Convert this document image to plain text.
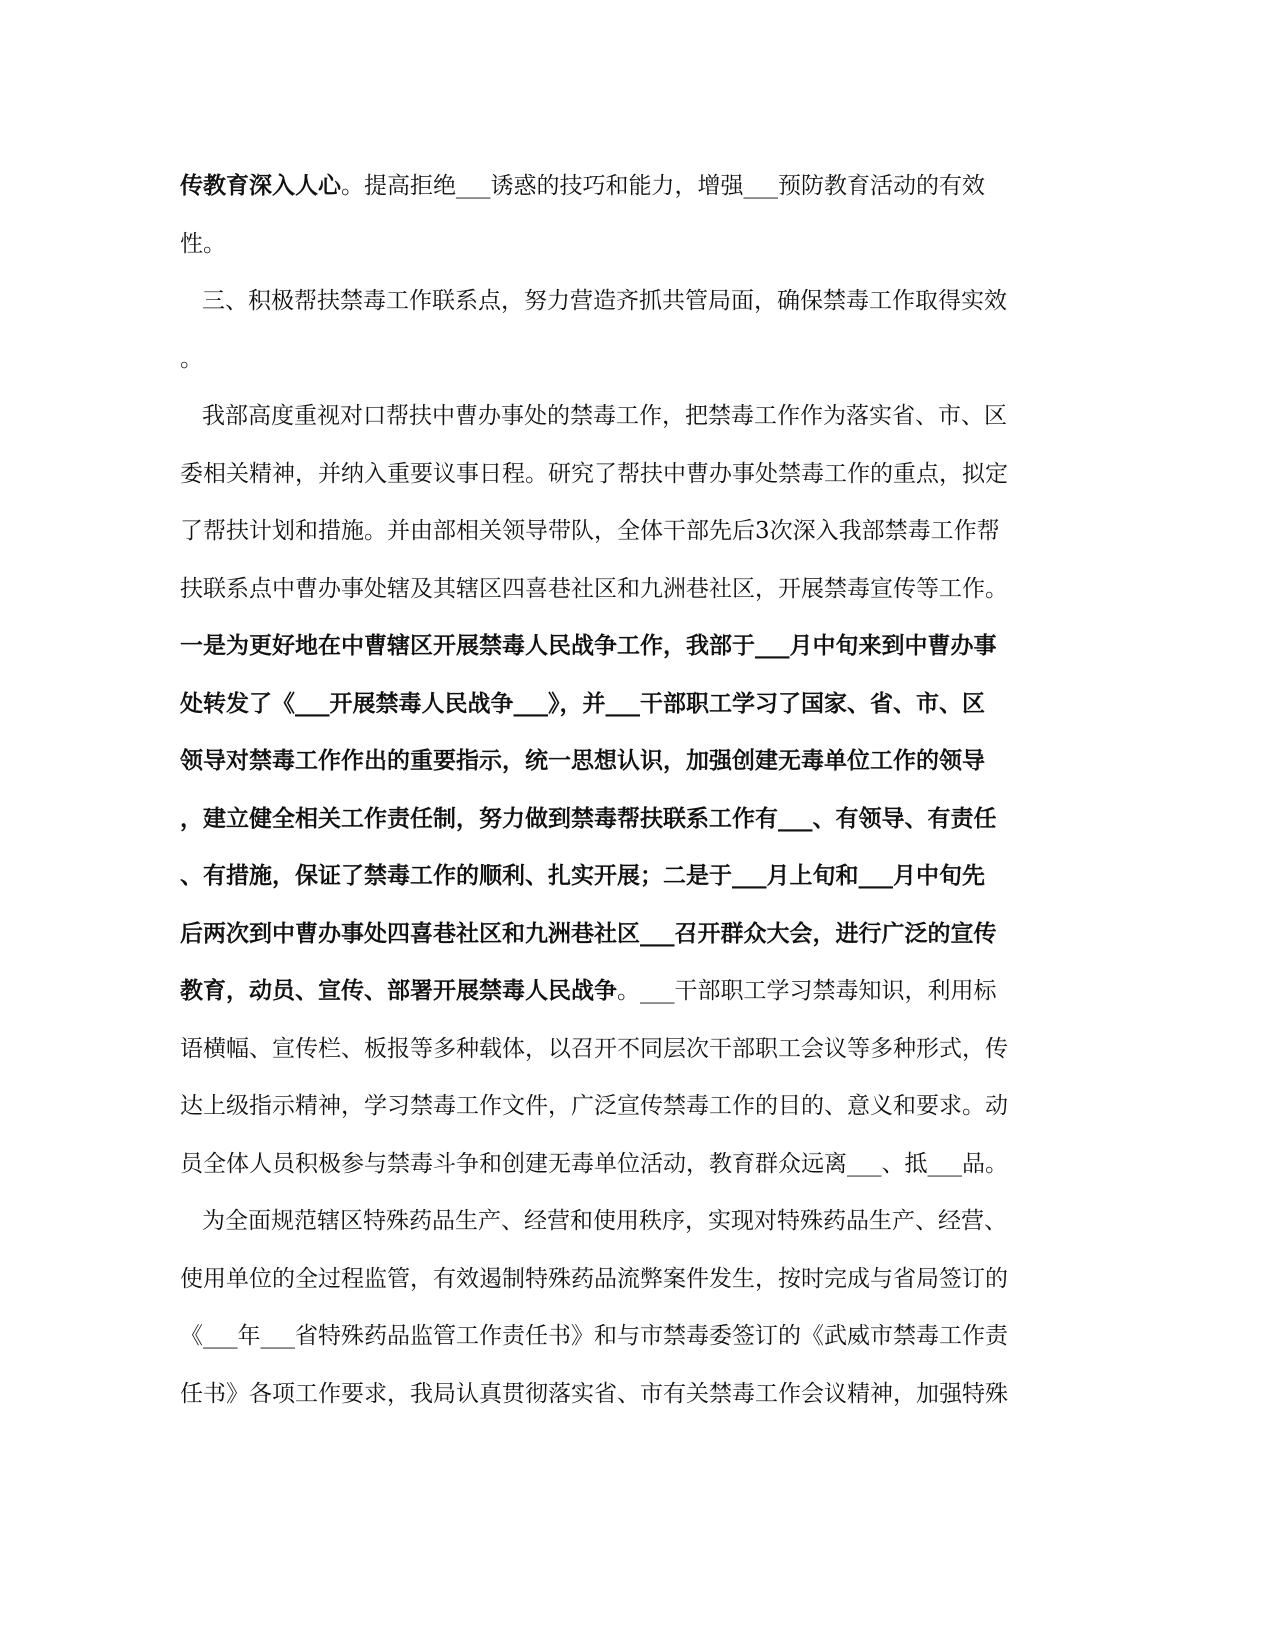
传教育深入人心。提高拒绝___诱惑的技巧和能力，增强___预防教育活动的有效
性。
三、积极帮扶禁毒工作联系点，努力营造齐抓共管局面，确保禁毒工作取得实效
。
我部高度重视对口帮扶中曹办事处的禁毒工作，把禁毒工作作为落实省、市、区
委相关精神，并纳入重要议事日程。研究了帮扶中曹办事处禁毒工作的重点，拟定
了帮扶计划和措施。并由部相关领导带队，全体干部先后3次深入我部禁毒工作帮
扶联系点中曹办事处辖及其辖区四喜巷社区和九洲巷社区，开展禁毒宣传等工作。
一是为更好地在中曹辖区开展禁毒人民战争工作，我部于___月中旬来到中曹办事
处转发了《___开展禁毒人民战争___》，并___干部职工学习了国家、省、市、区
领导对禁毒工作作出的重要指示，统一思想认识，加强创建无毒单位工作的领导
，建立健全相关工作责任制，努力做到禁毒帮扶联系工作有___、有领导、有责任
、有措施，保证了禁毒工作的顺利、扎实开展；二是于___月上旬和___月中旬先
后两次到中曹办事处四喜巷社区和九洲巷社区___召开群众大会，进行广泛的宣传
教育，动员、宣传、部署开展禁毒人民战争。___干部职工学习禁毒知识，利用标
语横幅、宣传栏、板报等多种载体，以召开不同层次干部职工会议等多种形式，传
达上级指示精神，学习禁毒工作文件，广泛宣传禁毒工作的目的、意义和要求。动
员全体人员积极参与禁毒斗争和创建无毒单位活动，教育群众远离___、抵___品。
为全面规范辖区特殊药品生产、经营和使用秩序，实现对特殊药品生产、经营、
使用单位的全过程监管，有效遏制特殊药品流弊案件发生，按时完成与省局签订的
《___年___省特殊药品监管工作责任书》和与市禁毒委签订的《武威市禁毒工作责
任书》各项工作要求，我局认真贯彻落实省、市有关禁毒工作会议精神，加强特殊
